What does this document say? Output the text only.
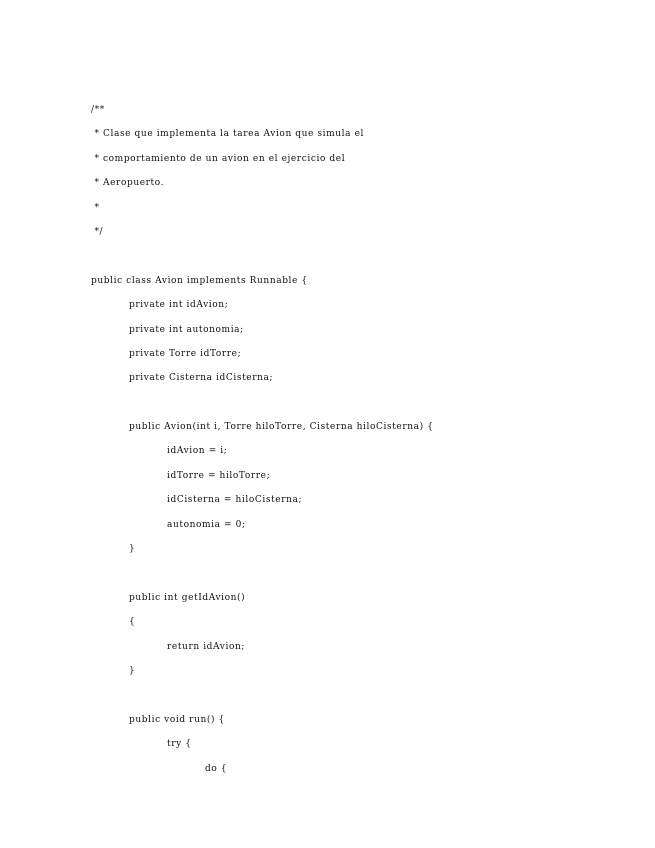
/**
* Clase que implementa la tarea Avion que simula el
* comportamiento de un avion en el ejercicio del
* Aeropuerto.
*
*/
public class Avion implements Runnable {
private int idAvion;
private int autonomia;
private Torre idTorre;
private Cisterna idCisterna;
public Avion(int i, Torre hiloTorre, Cisterna hiloCisterna) {
idAvion = i;
idTorre = hiloTorre;
idCisterna = hiloCisterna;
autonomia = 0;
}
public int getIdAvion()
{
return idAvion;
}
public void run() {
try {
do {
